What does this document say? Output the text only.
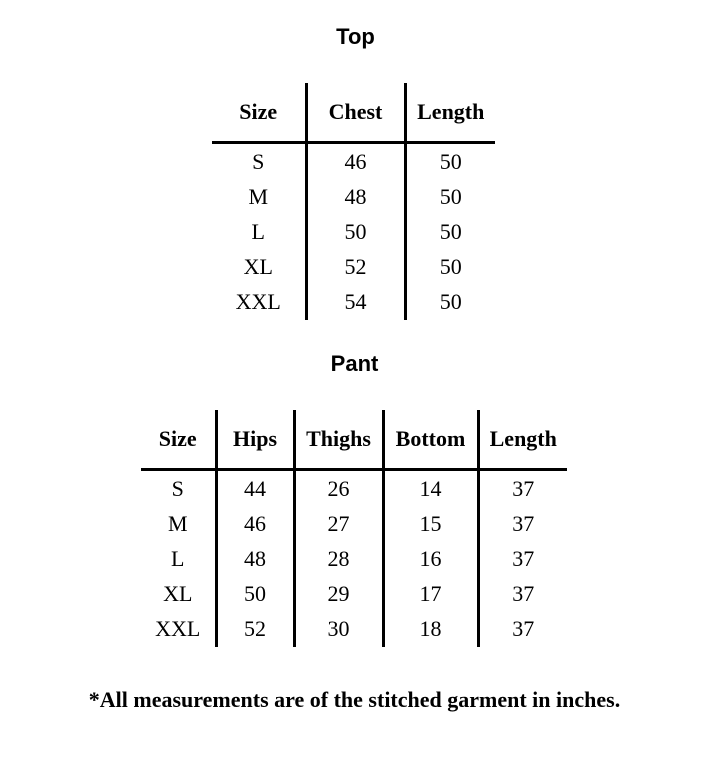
Top
Size	Chest	Length
S	46	50
M	48	50
L	50	50
XL	52	50
XXL	54	50
Pant
Size	Hips	Thighs	Bottom	Length
S	44	26	14	37
M	46	27	15	37
L	48	28	16	37
XL	50	29	17	37
XXL	52	30	18	37
*All measurements are of the stitched garment in inches.
